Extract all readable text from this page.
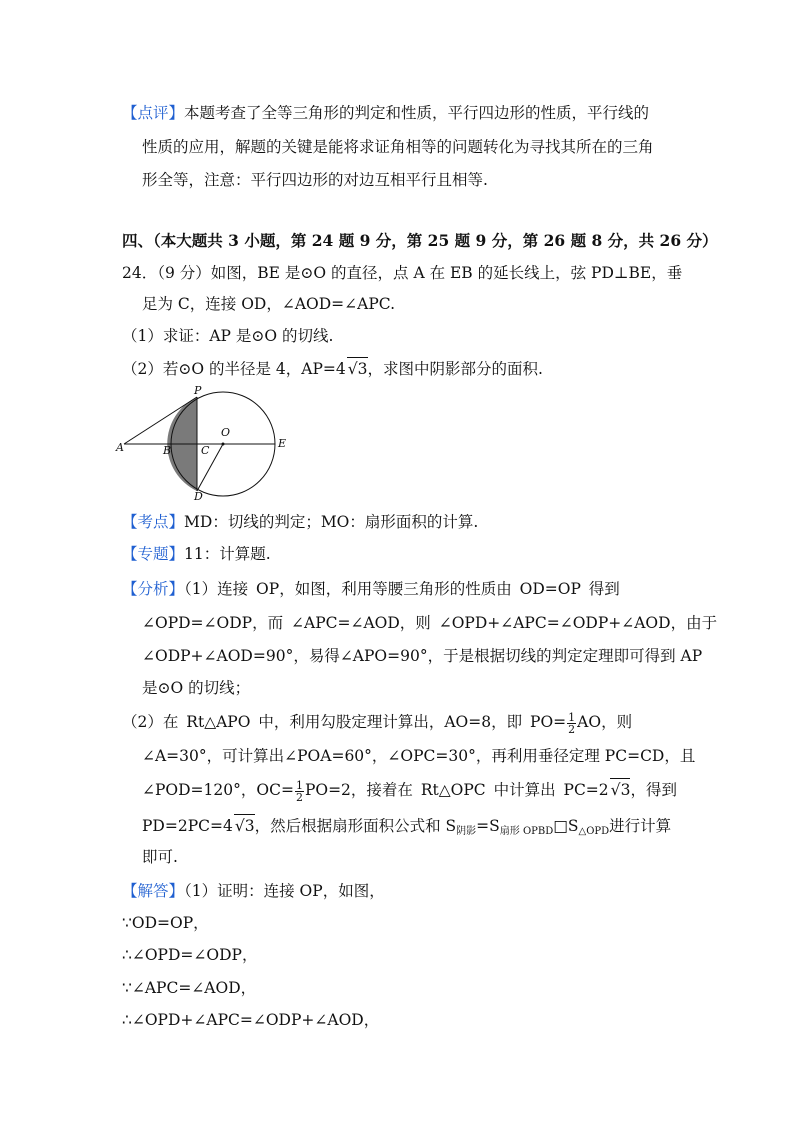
【点评】本题考查了全等三角形的判定和性质，平行四边形的性质，平行线的
性质的应用，解题的关键是能将求证角相等的问题转化为寻找其所在的三角
形全等，注意：平行四边形的对边互相平行且相等.
四、（本大题共 3 小题，第 24 题 9 分，第 25 题 9 分，第 26 题 8 分，共 26 分）
24．（9 分）如图，BE 是⊙O 的直径，点 A 在 EB 的延长线上，弦 PD⊥BE，垂
足为 C，连接 OD，∠AOD=∠APC.
（1）求证：AP 是⊙O 的切线.
（2）若⊙O 的半径是 4，AP=4 √3，求图中阴影部分的面积.
P
O
A	B	C
E
D
【考点】MD：切线的判定；MO：扇形面积的计算.
【专题】11：计算题.
【分析】（1）连接 OP，如图，利用等腰三角形的性质由 OD=OP 得到
∠OPD=∠ODP，而 ∠APC=∠AOD，则 ∠OPD+∠APC=∠ODP+∠AOD，由于
∠ODP+∠AOD=90°，易得∠APO=90°，于是根据切线的判定定理即可得到 AP
是⊙O 的切线；
（2）在 Rt△APO 中，利用勾股定理计算出，AO=8，即 $PO= \frac{1}{2}$ AO，则
∠A=30°，可计算出∠POA=60°，∠OPC=30°，再利用垂径定理 PC=CD，且
∠POD=120°，$OC= \frac{1}{2} PO=2$，接着在 Rt△OPC 中计算出 PC=2 √3，得到
PD=2PC=4 √3，然后根据扇形面积公式和 S阴影=S扇形 OPBD□S△OPD进行计算
即可.
【解答】（1）证明：连接 OP，如图，
∵OD=OP，
∴∠OPD=∠ODP，
∵∠APC=∠AOD，
∴∠OPD+∠APC=∠ODP+∠AOD，
